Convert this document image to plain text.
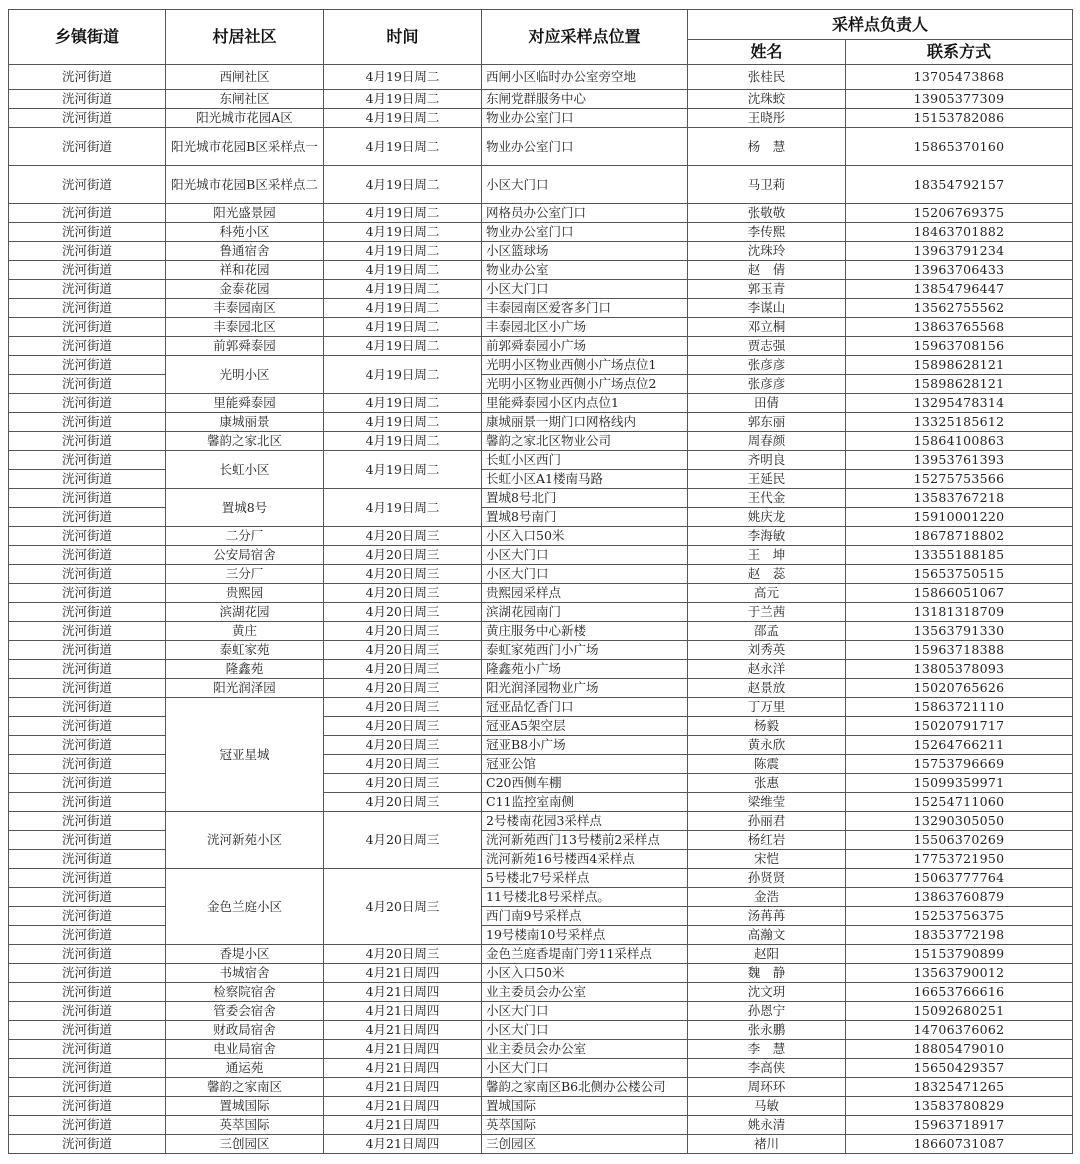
乡镇街道	村居社区	时间	对应采样点位置	采样点负责人	
				姓名	联系方式
洸河街道	西闸社区	4月19日周二	西闸小区临时办公室旁空地	张桂民	13705473868
洸河街道	东闸社区	4月19日周二	东闸党群服务中心	沈珠蛟	13905377309
洸河街道	阳光城市花园A区	4月19日周二	物业办公室门口	王晓彤	15153782086
洸河街道	阳光城市花园B区采样点一	4月19日周二	物业办公室门口	杨　慧	15865370160
洸河街道	阳光城市花园B区采样点二	4月19日周二	小区大门口	马卫莉	18354792157
洸河街道	阳光盛景园	4月19日周二	网格员办公室门口	张敬敬	15206769375
洸河街道	科苑小区	4月19日周二	物业办公室门口	李传熙	18463701882
洸河街道	鲁通宿舍	4月19日周二	小区篮球场	沈珠玲	13963791234
洸河街道	祥和花园	4月19日周二	物业办公室	赵　倩	13963706433
洸河街道	金泰花园	4月19日周二	小区大门口	郭玉青	13854796447
洸河街道	丰泰园南区	4月19日周二	丰泰园南区爱客多门口	李谋山	13562755562
洸河街道	丰泰园北区	4月19日周二	丰泰园北区小广场	邓立桐	13863765568
洸河街道	前郭舜泰园	4月19日周二	前郭舜泰园小广场	贾志强	15963708156
洸河街道	光明小区	4月19日周二	光明小区物业西侧小广场点位1	张彦彦	15898628121
洸河街道			光明小区物业西侧小广场点位2	张彦彦	15898628121
洸河街道	里能舜泰园	4月19日周二	里能舜泰园小区内点位1	田倩	13295478314
洸河街道	康城丽景	4月19日周二	康城丽景一期门口网格线内	郭东丽	13325185612
洸河街道	馨韵之家北区	4月19日周二	馨韵之家北区物业公司	周春颜	15864100863
洸河街道	长虹小区	4月19日周二	长虹小区西门	齐明良	13953761393
洸河街道			长虹小区A1楼南马路	王延民	15275753566
洸河街道	置城8号	4月19日周二	置城8号北门	王代金	13583767218
洸河街道			置城8号南门	姚庆龙	15910001220
洸河街道	二分厂	4月20日周三	小区入口50米	李海敏	18678718802
洸河街道	公安局宿舍	4月20日周三	小区大门口	王　坤	13355188185
洸河街道	三分厂	4月20日周三	小区大门口	赵　蕊	15653750515
洸河街道	贵熙园	4月20日周三	贵熙园采样点	高元	15866051067
洸河街道	滨湖花园	4月20日周三	滨湖花园南门	于兰茜	13181318709
洸河街道	黄庄	4月20日周三	黄庄服务中心新楼	邵孟	13563791330
洸河街道	泰虹家苑	4月20日周三	泰虹家苑西门小广场	刘秀英	15963718388
洸河街道	隆鑫苑	4月20日周三	隆鑫苑小广场	赵永洋	13805378093
洸河街道	阳光润泽园	4月20日周三	阳光润泽园物业广场	赵景放	15020765626
洸河街道	冠亚星城	4月20日周三	冠亚品忆香门口	丁万里	15863721110
洸河街道		4月20日周三	冠亚A5架空层	杨毅	15020791717
洸河街道		4月20日周三	冠亚B8小广场	黄永欣	15264766211
洸河街道		4月20日周三	冠亚公馆	陈震	15753796669
洸河街道		4月20日周三	C20西侧车棚	张惠	15099359971
洸河街道		4月20日周三	C11监控室南侧	梁维莹	15254711060
洸河街道	洸河新苑小区	4月20日周三	2号楼南花园3采样点	孙丽君	13290305050
洸河街道			洸河新苑西门13号楼前2采样点	杨红岩	15506370269
洸河街道			洸河新苑16号楼西4采样点	宋恺	17753721950
洸河街道	金色兰庭小区	4月20日周三	5号楼北7号采样点	孙贤贤	15063777764
洸河街道			11号楼北8号采样点。	金浩	13863760879
洸河街道			西门南9号采样点	汤苒苒	15253756375
洸河街道			19号楼南10号采样点	高瀚文	18353772198
洸河街道	香堤小区	4月20日周三	金色兰庭香堤南门旁11采样点	赵阳	15153790899
洸河街道	书城宿舍	4月21日周四	小区入口50米	魏　静	13563790012
洸河街道	检察院宿舍	4月21日周四	业主委员会办公室	沈文玥	16653766616
洸河街道	管委会宿舍	4月21日周四	小区大门口	孙恩宁	15092680251
洸河街道	财政局宿舍	4月21日周四	小区大门口	张永鹏	14706376062
洸河街道	电业局宿舍	4月21日周四	业主委员会办公室	李　慧	18805479010
洸河街道	通运苑	4月21日周四	小区大门口	李高侠	15650429357
洸河街道	馨韵之家南区	4月21日周四	馨韵之家南区B6北侧办公楼公司	周环环	18325471265
洸河街道	置城国际	4月21日周四	置城国际	马敏	13583780829
洸河街道	英萃国际	4月21日周四	英萃国际	姚永清	15963718917
洸河街道	三创园区	4月21日周四	三创园区	褚川	18660731087
